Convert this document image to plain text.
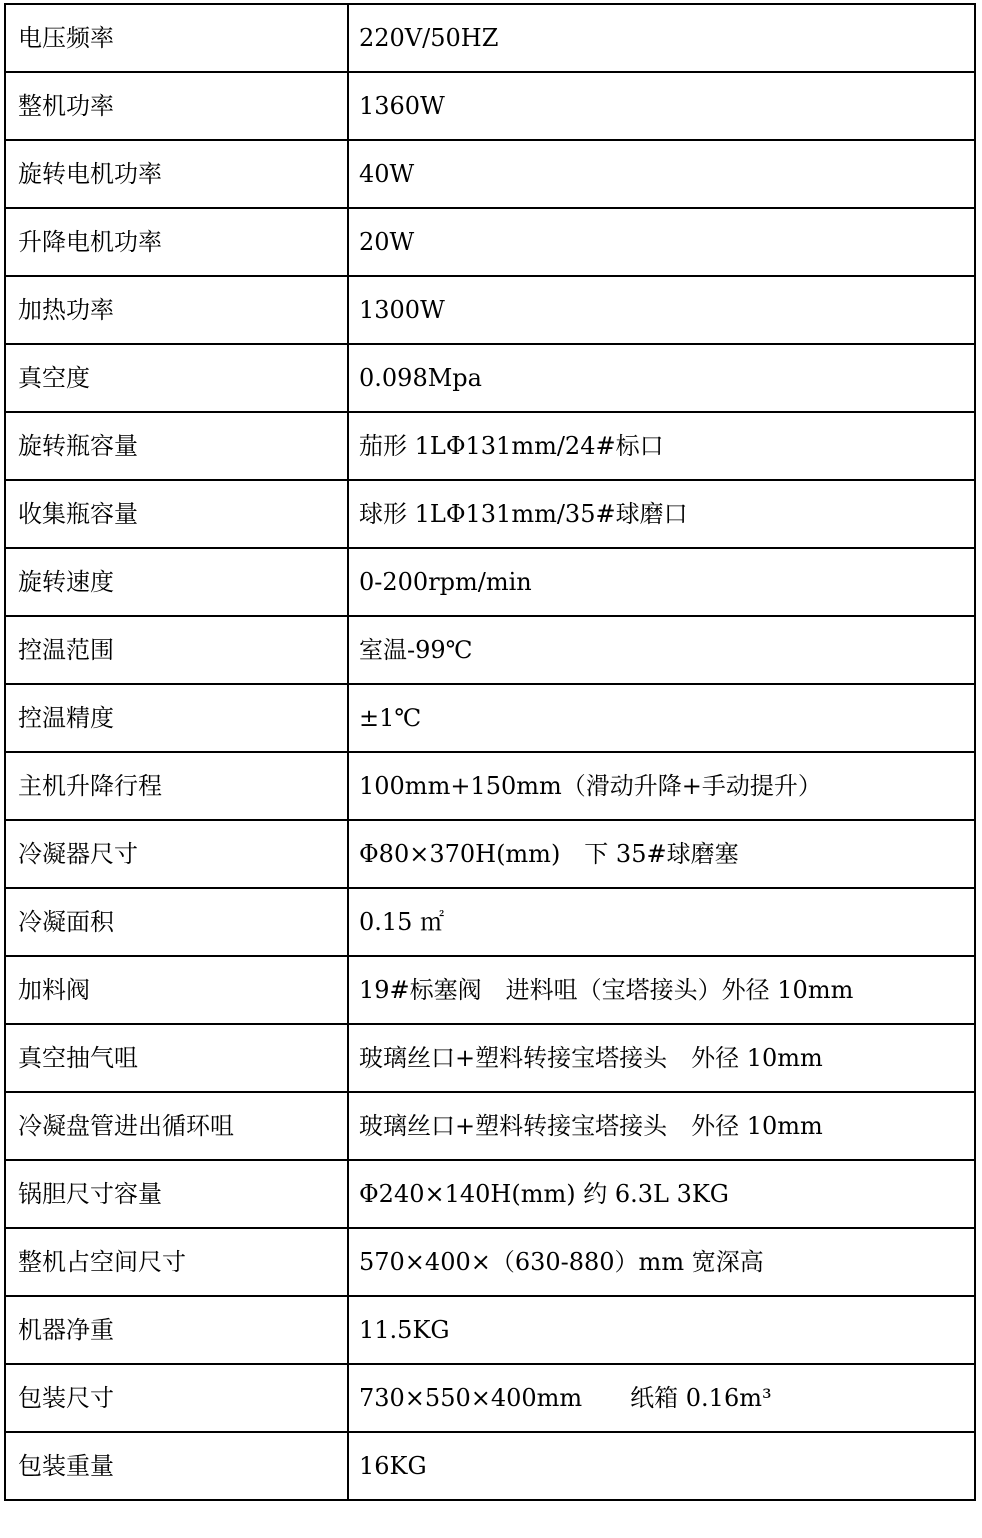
电压频率	220V/50HZ
整机功率	1360W
旋转电机功率	40W
升降电机功率	20W
加热功率	1300W
真空度	0.098Mpa
旋转瓶容量	茄形 1LΦ131mm/24#标口
收集瓶容量	球形 1LΦ131mm/35#球磨口
旋转速度	0-200rpm/min
控温范围	室温-99℃
控温精度	±1℃
主机升降行程	100mm+150mm（滑动升降+手动提升）
冷凝器尺寸	Φ80×370H(mm)　下 35#球磨塞
冷凝面积	0.15 ㎡
加料阀	19#标塞阀　进料咀（宝塔接头）外径 10mm
真空抽气咀	玻璃丝口+塑料转接宝塔接头　外径 10mm
冷凝盘管进出循环咀	玻璃丝口+塑料转接宝塔接头　外径 10mm
锅胆尺寸容量	Φ240×140H(mm) 约 6.3L 3KG
整机占空间尺寸	570×400×（630-880）mm 宽深高
机器净重	11.5KG
包装尺寸	730×550×400mm　　纸箱 0.16m³
包装重量	16KG
